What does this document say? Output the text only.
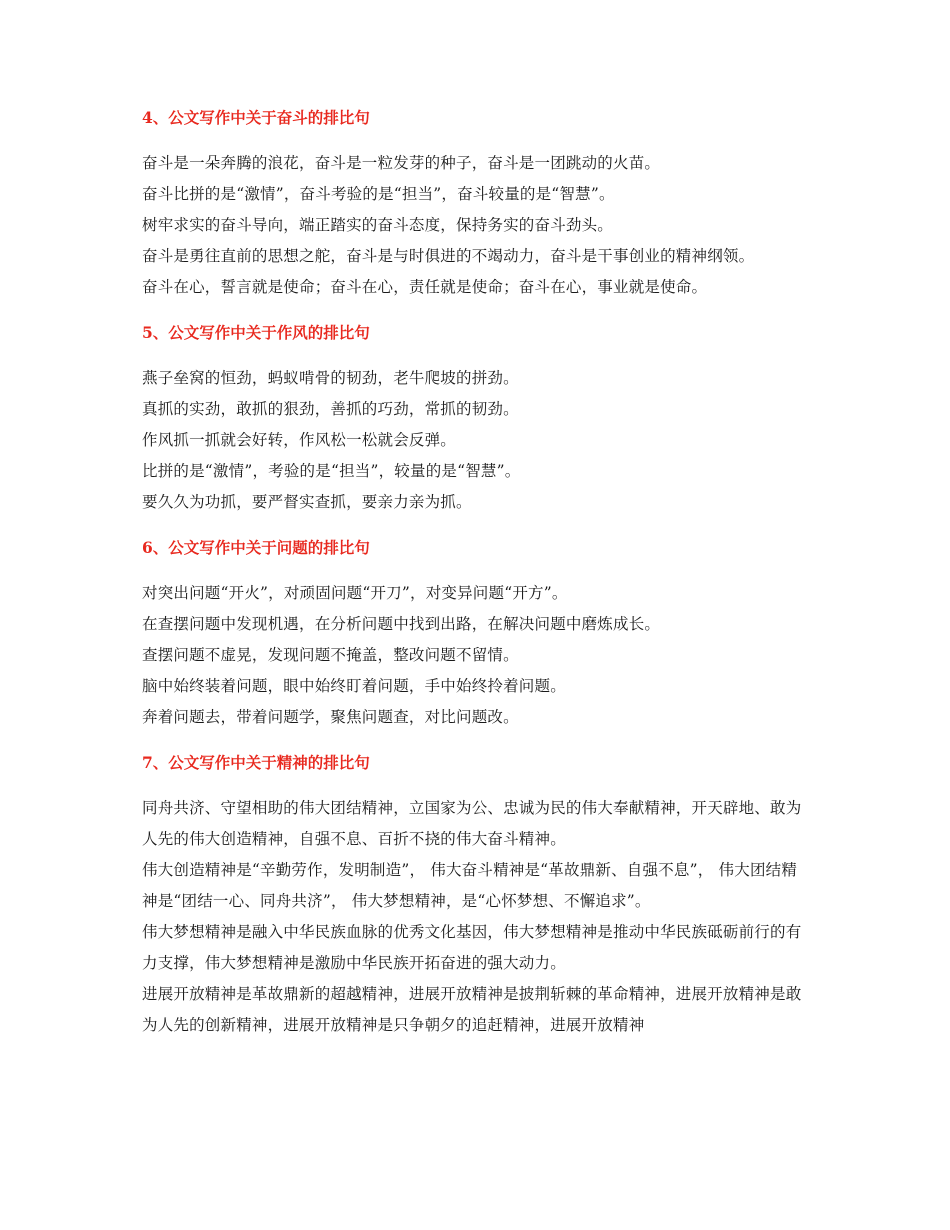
4、公文写作中关于奋斗的排比句

奋斗是一朵奔腾的浪花，奋斗是一粒发芽的种子，奋斗是一团跳动的火苗。

奋斗比拼的是“激情”，奋斗考验的是“担当”，奋斗较量的是“智慧”。

树牢求实的奋斗导向，端正踏实的奋斗态度，保持务实的奋斗劲头。

奋斗是勇往直前的思想之舵，奋斗是与时俱进的不竭动力，奋斗是干事创业的精神纲领。

奋斗在心，誓言就是使命；奋斗在心，责任就是使命；奋斗在心，事业就是使命。

5、公文写作中关于作风的排比句

燕子垒窝的恒劲，蚂蚁啃骨的韧劲，老牛爬坡的拼劲。

真抓的实劲，敢抓的狠劲，善抓的巧劲，常抓的韧劲。

作风抓一抓就会好转，作风松一松就会反弹。

比拼的是“激情”，考验的是“担当”，较量的是“智慧”。

要久久为功抓，要严督实查抓，要亲力亲为抓。

6、公文写作中关于问题的排比句

对突出问题“开火”，对顽固问题“开刀”，对变异问题“开方”。

在查摆问题中发现机遇，在分析问题中找到出路，在解决问题中磨炼成长。

查摆问题不虚晃，发现问题不掩盖，整改问题不留情。

脑中始终装着问题，眼中始终盯着问题，手中始终拎着问题。

奔着问题去，带着问题学，聚焦问题查，对比问题改。

7、公文写作中关于精神的排比句

同舟共济、守望相助的伟大团结精神，立国家为公、忠诚为民的伟大奉献精神，开天辟地、敢为人先的伟大创造精神，自强不息、百折不挠的伟大奋斗精神。

伟大创造精神是“辛勤劳作，发明制造”， 伟大奋斗精神是“革故鼎新、自强不息”， 伟大团结精神是“团结一心、同舟共济”， 伟大梦想精神，是“心怀梦想、不懈追求”。

伟大梦想精神是融入中华民族血脉的优秀文化基因，伟大梦想精神是推动中华民族砥砺前行的有力支撑，伟大梦想精神是激励中华民族开拓奋进的强大动力。

进展开放精神是革故鼎新的超越精神，进展开放精神是披荆斩棘的革命精神，进展开放精神是敢为人先的创新精神，进展开放精神是只争朝夕的追赶精神，进展开放精神
